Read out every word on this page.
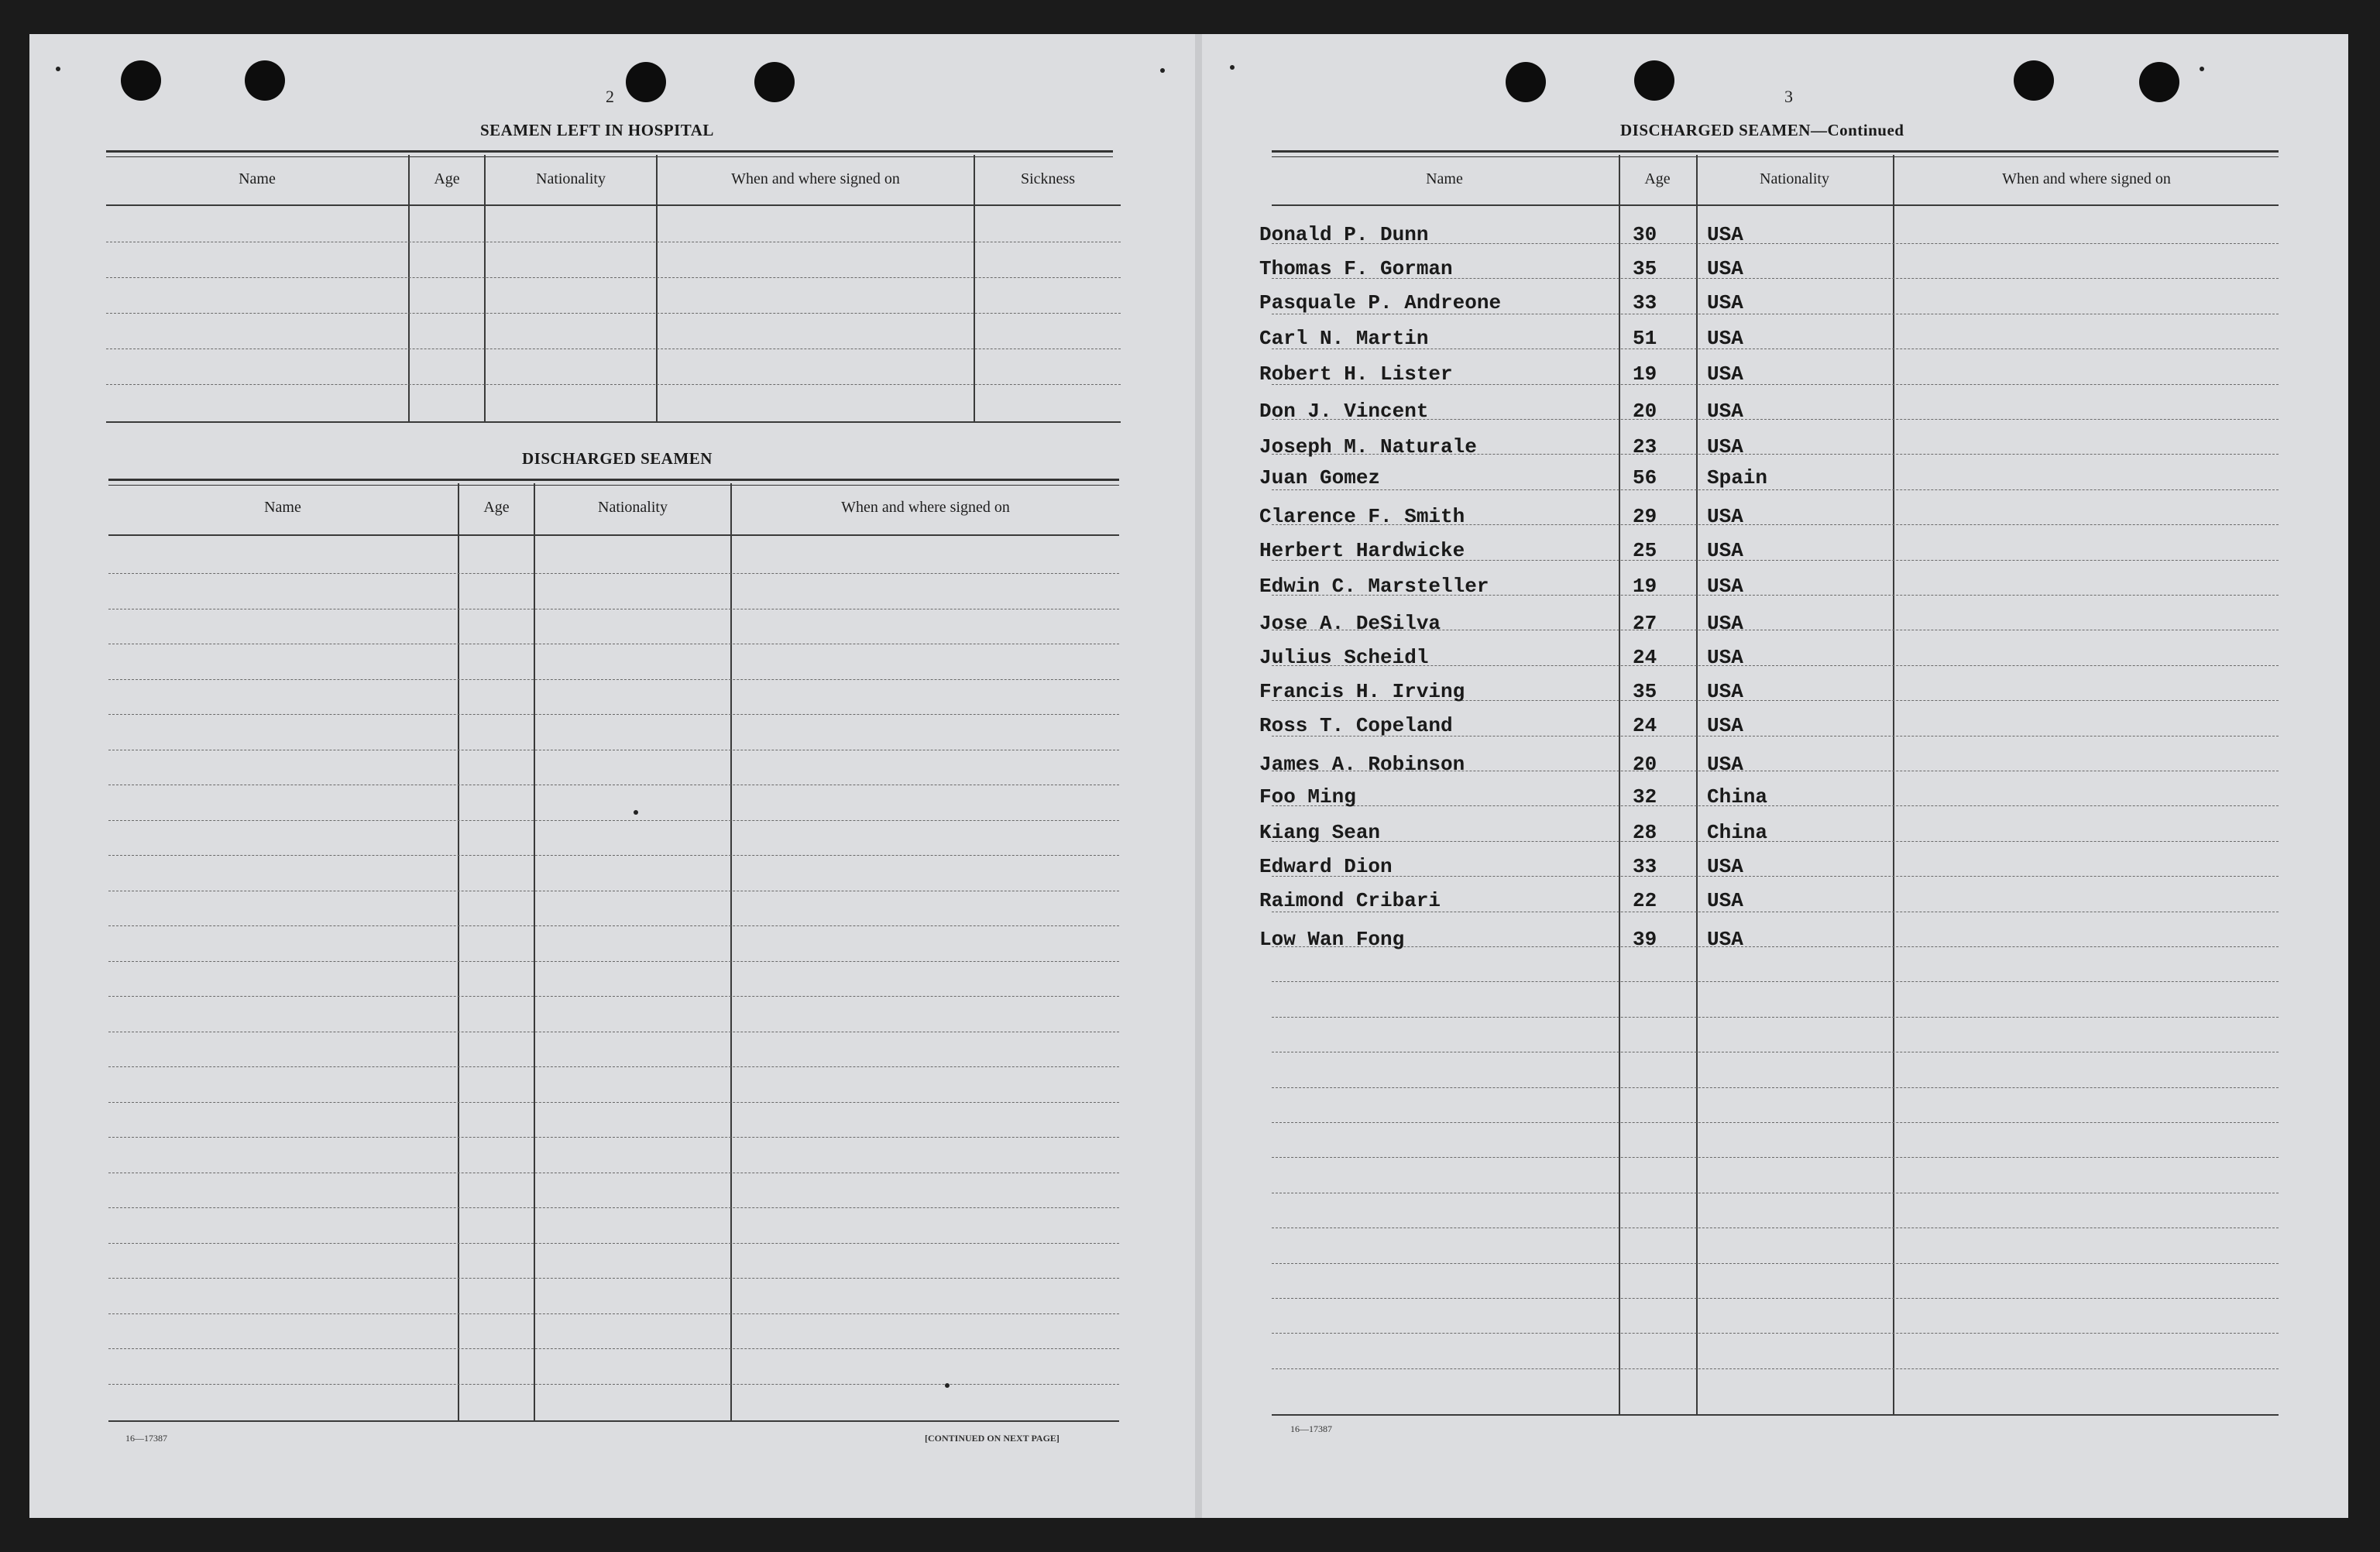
2
SEAMEN LEFT IN HOSPITAL
Name	Age	Nationality	When and where signed on	Sickness
DISCHARGED SEAMEN
Name	Age	Nationality	When and where signed on
16—17387	[CONTINUED ON NEXT PAGE]
3
DISCHARGED SEAMEN—Continued
Name	Age	Nationality	When and where signed on
Donald P. Dunn	30 USA
Thomas F. Gorman	35 USA
Pasquale P. Andreone	33 USA
Carl N. Martin	51 USA
Robert H. Lister	19 USA
Don J. Vincent	20 USA
Joseph M. Naturale	23 USA
Juan Gomez	56 Spain
Clarence F. Smith	29 USA
Herbert Hardwicke	25 USA
Edwin C. Marsteller	19 USA
Jose A. DeSilva	27 USA
Julius Scheidl	24 USA
Francis H. Irving	35 USA
Ross T. Copeland	24 USA
James A. Robinson	20 USA
Foo Ming	32 China
Kiang Sean	28 China
Edward Dion	33 USA
Raimond Cribari	22 USA
Low Wan Fong	39 USA
16—17387
